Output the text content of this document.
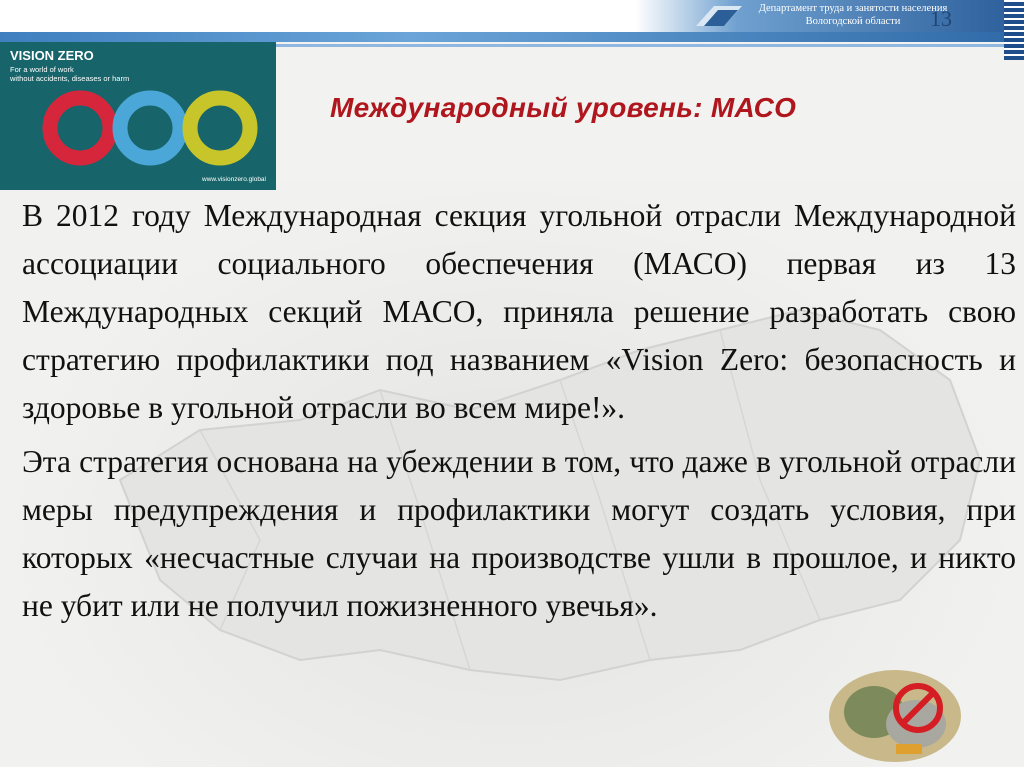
Департамент труда и занятости населения
Вологодской области	13
VISION ZERO
For a world of work
without accidents, diseases or harm
www.visionzero.global
Международный уровень: МАСО

В 2012 году Международная секция угольной отрасли Международной ассоциации социального обеспечения (МАСО) первая из 13 Международных секций МАСО, приняла решение разработать свою стратегию профилактики под названием «Vision Zero: безопасность и здоровье в угольной отрасли во всем мире!».

Эта стратегия основана на убеждении в том, что даже в угольной отрасли меры предупреждения и профилактики могут создать условия, при которых «несчастные случаи на производстве ушли в прошлое, и никто не убит или не получил пожизненного увечья».
